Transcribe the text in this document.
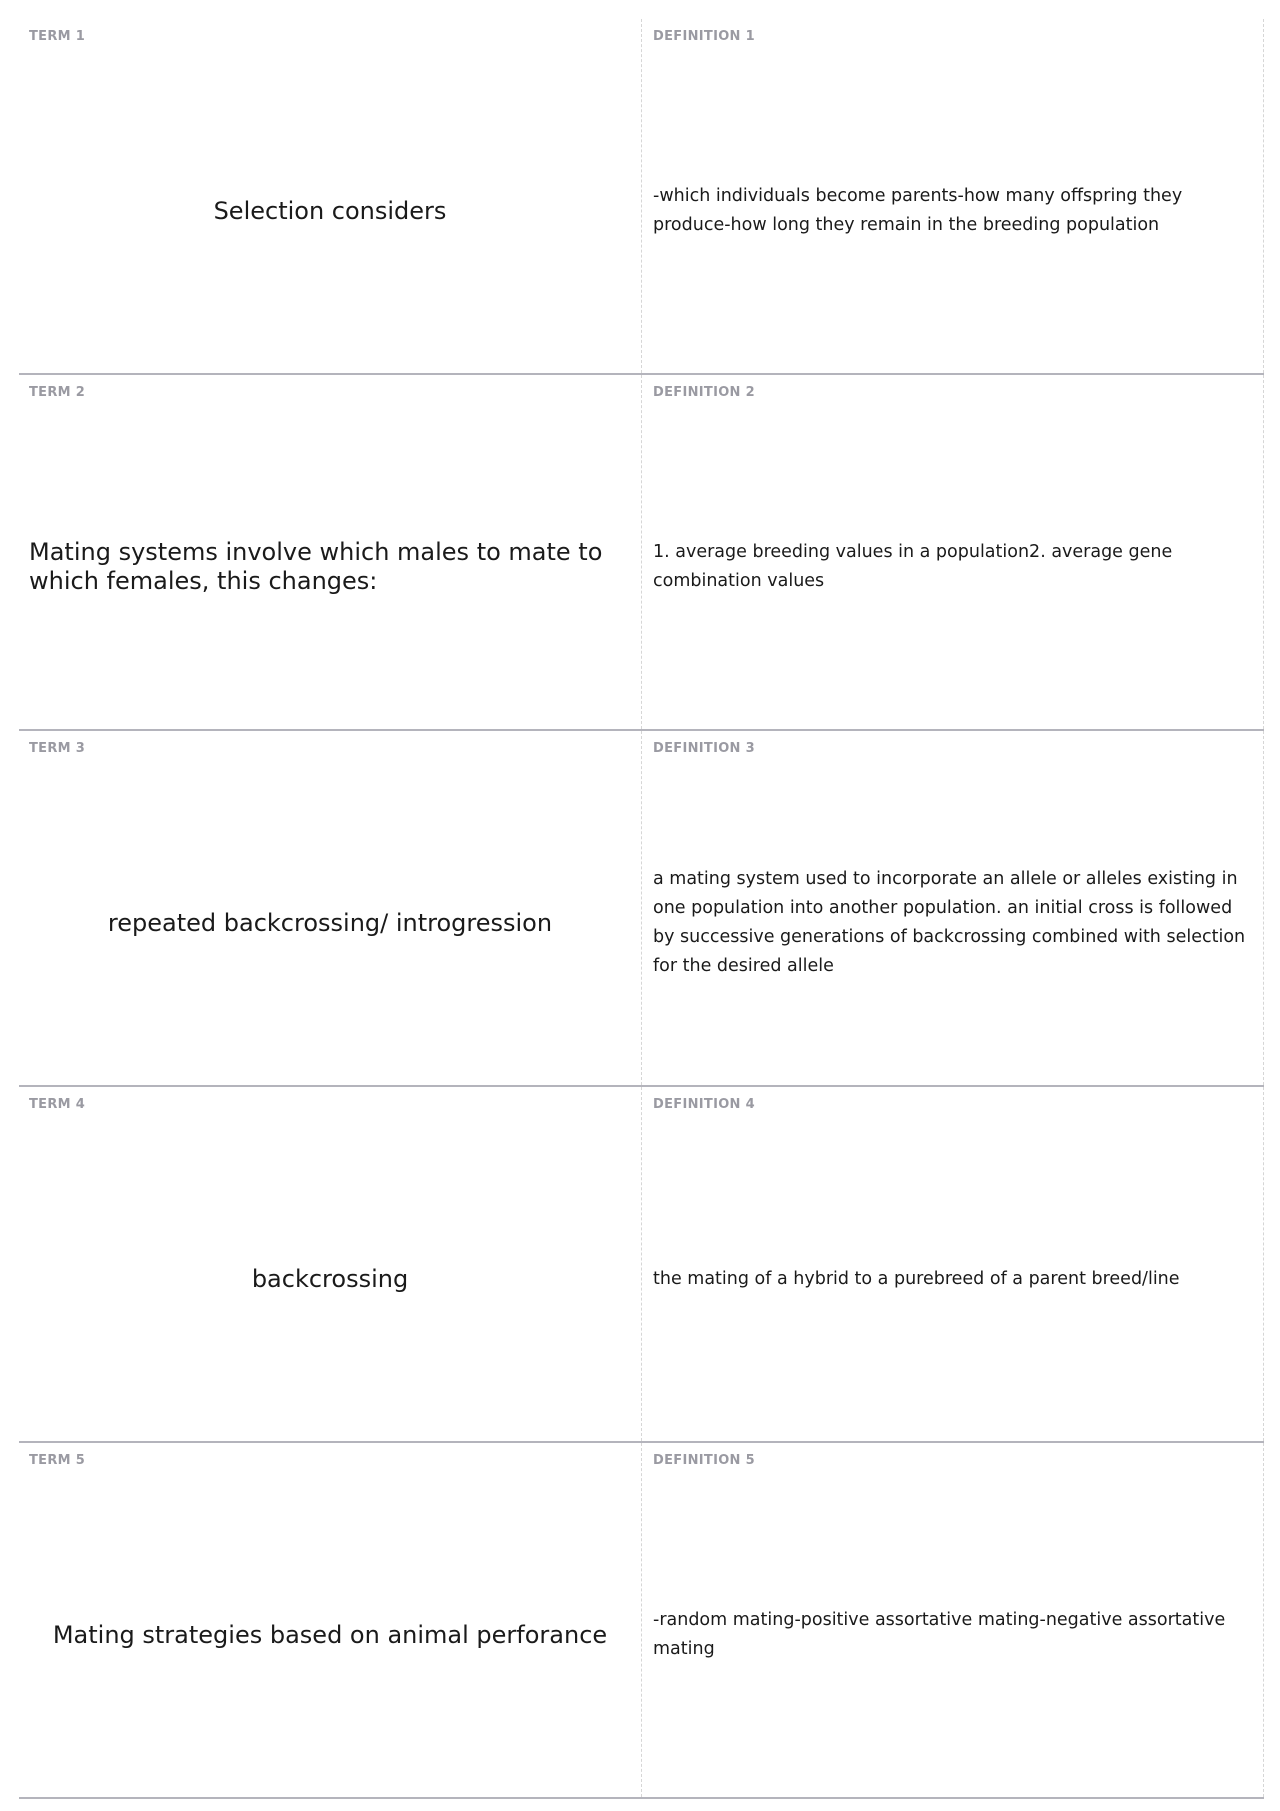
TERM 1
Selection considers
DEFINITION 1
-which individuals become parents-how many offspring they produce-how long they remain in the breeding population
TERM 2
Mating systems involve which males to mate to which females, this changes:
DEFINITION 2
1. average breeding values in a population2. average gene combination values
TERM 3
repeated backcrossing/ introgression
DEFINITION 3
a mating system used to incorporate an allele or alleles existing in one population into another population. an initial cross is followed by successive generations of backcrossing combined with selection for the desired allele
TERM 4
backcrossing
DEFINITION 4
the mating of a hybrid to a purebreed of a parent breed/line
TERM 5
Mating strategies based on animal perforance
DEFINITION 5
-random mating-positive assortative mating-negative assortative mating
